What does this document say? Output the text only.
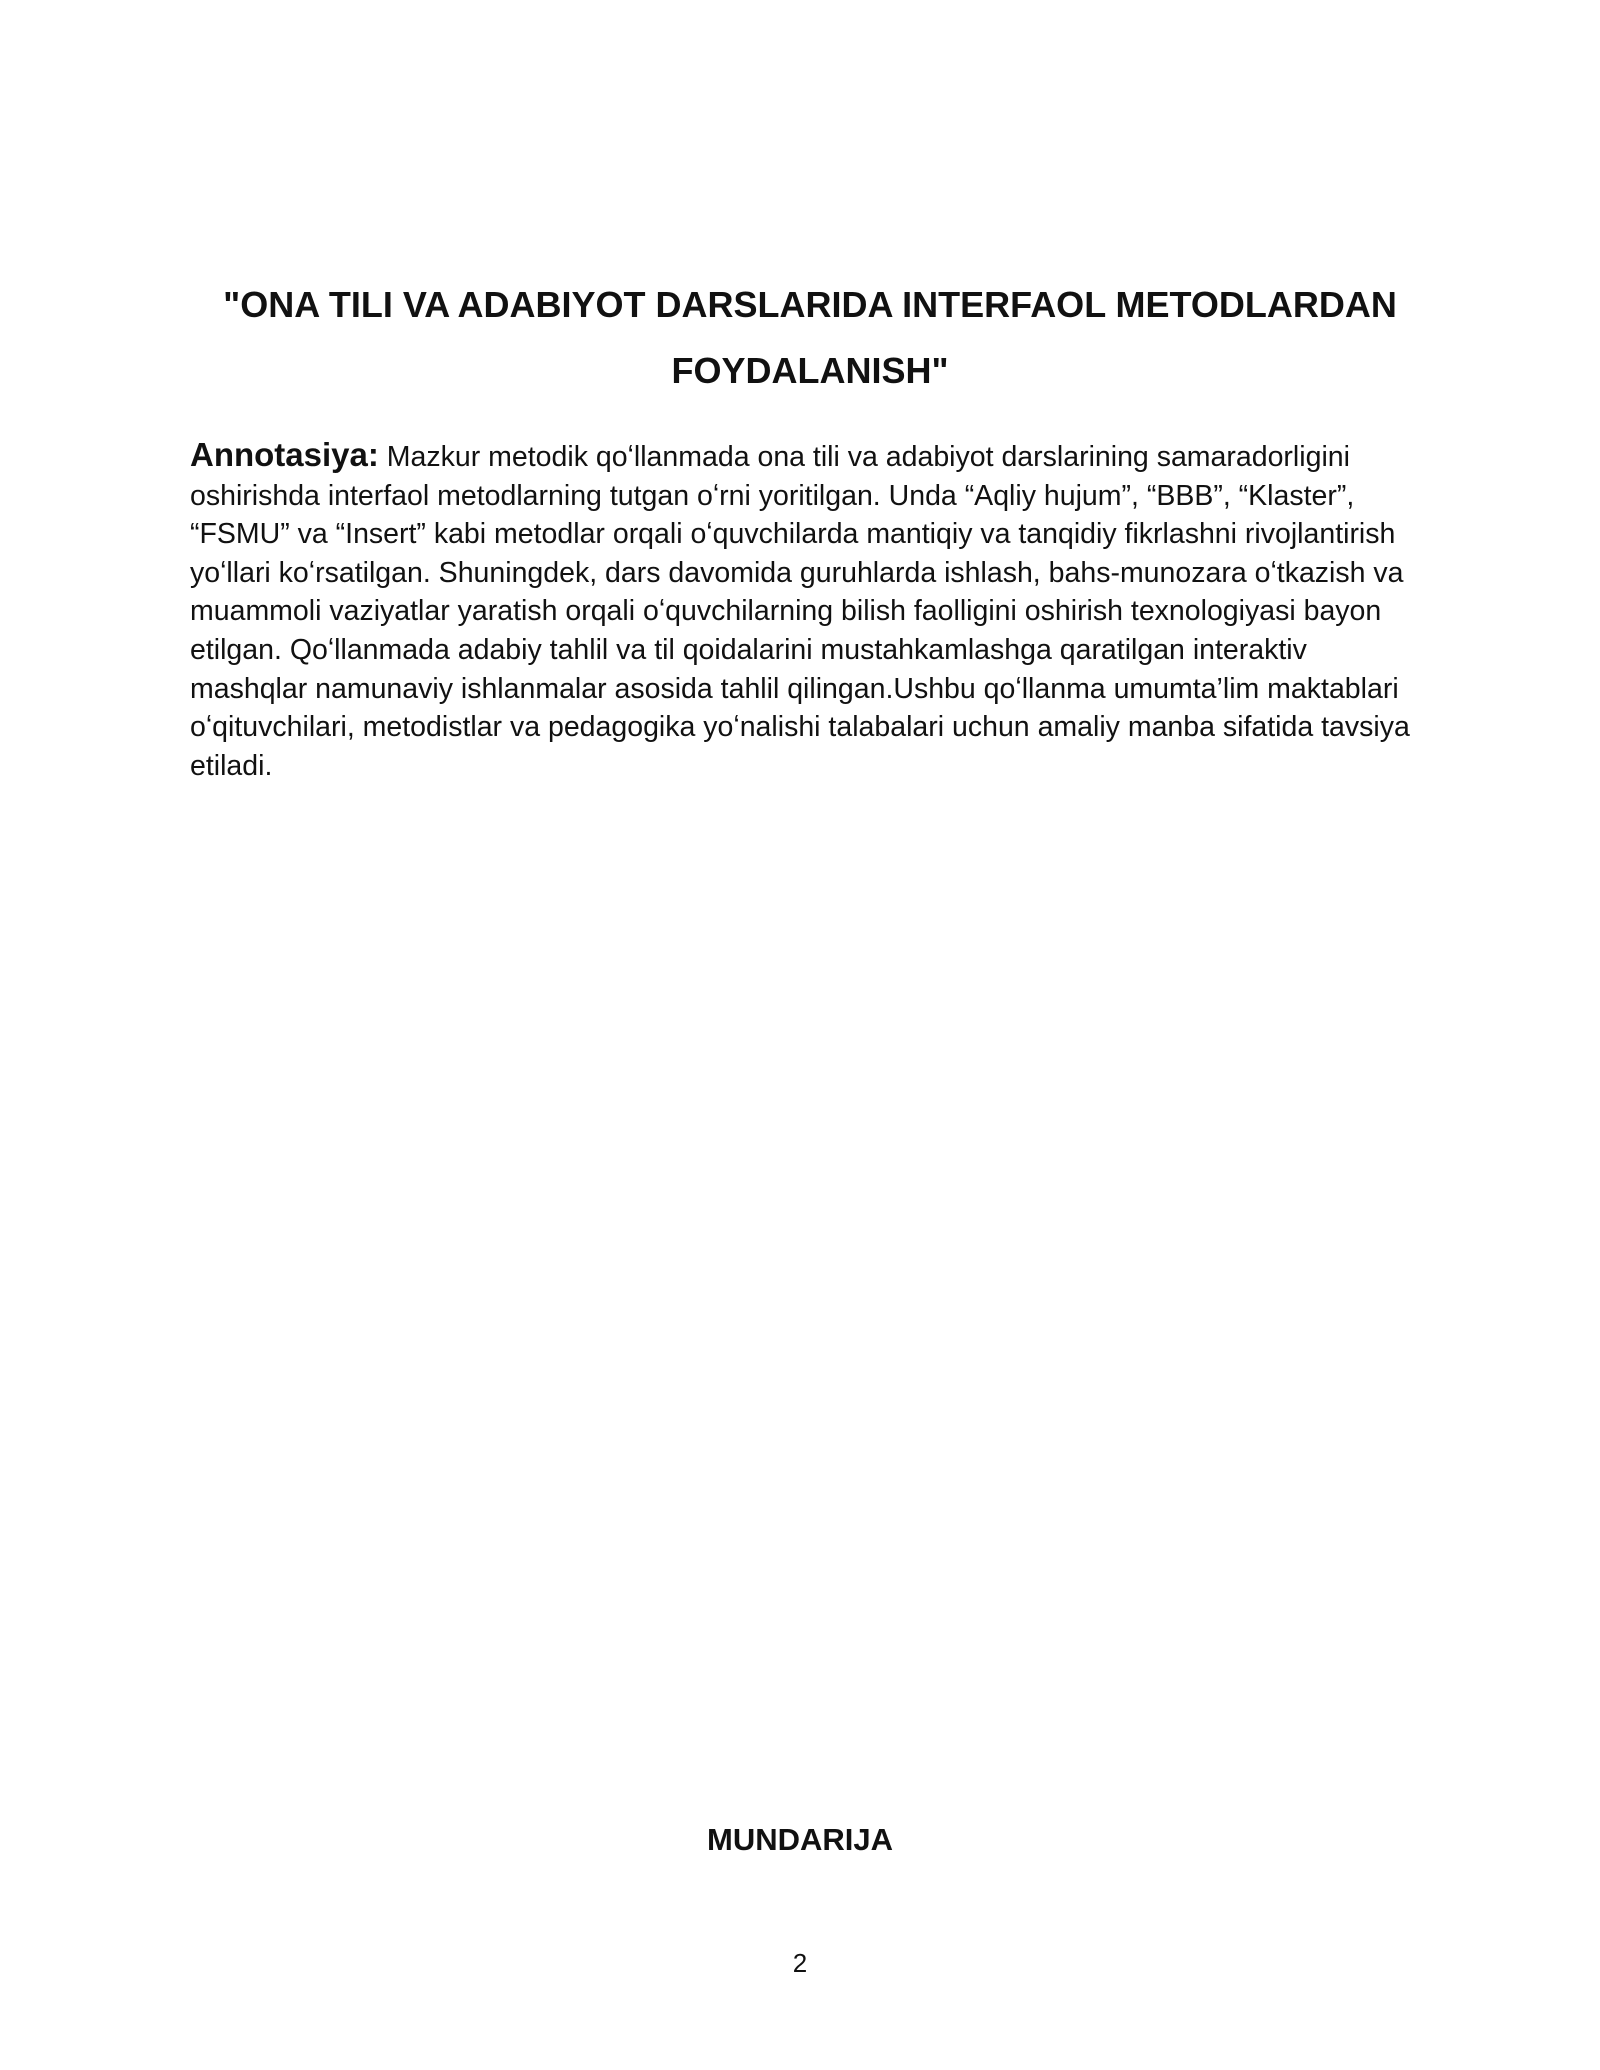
"ONA TILI VA ADABIYOT DARSLARIDA INTERFAOL METODLARDAN FOYDALANISH"

Annotasiya: Mazkur metodik qoʻllanmada ona tili va adabiyot darslarining samaradorligini oshirishda interfaol metodlarning tutgan oʻrni yoritilgan. Unda “Aqliy hujum”, “BBB”, “Klaster”, “FSMU” va “Insert” kabi metodlar orqali oʻquvchilarda mantiqiy va tanqidiy fikrlashni rivojlantirish yoʻllari koʻrsatilgan. Shuningdek, dars davomida guruhlarda ishlash, bahs-munozara oʻtkazish va muammoli vaziyatlar yaratish orqali oʻquvchilarning bilish faolligini oshirish texnologiyasi bayon etilgan. Qoʻllanmada adabiy tahlil va til qoidalarini mustahkamlashga qaratilgan interaktiv mashqlar namunaviy ishlanmalar asosida tahlil qilingan.Ushbu qoʻllanma umumta’lim maktablari oʻqituvchilari, metodistlar va pedagogika yoʻnalishi talabalari uchun amaliy manba sifatida tavsiya etiladi.

MUNDARIJA
2
